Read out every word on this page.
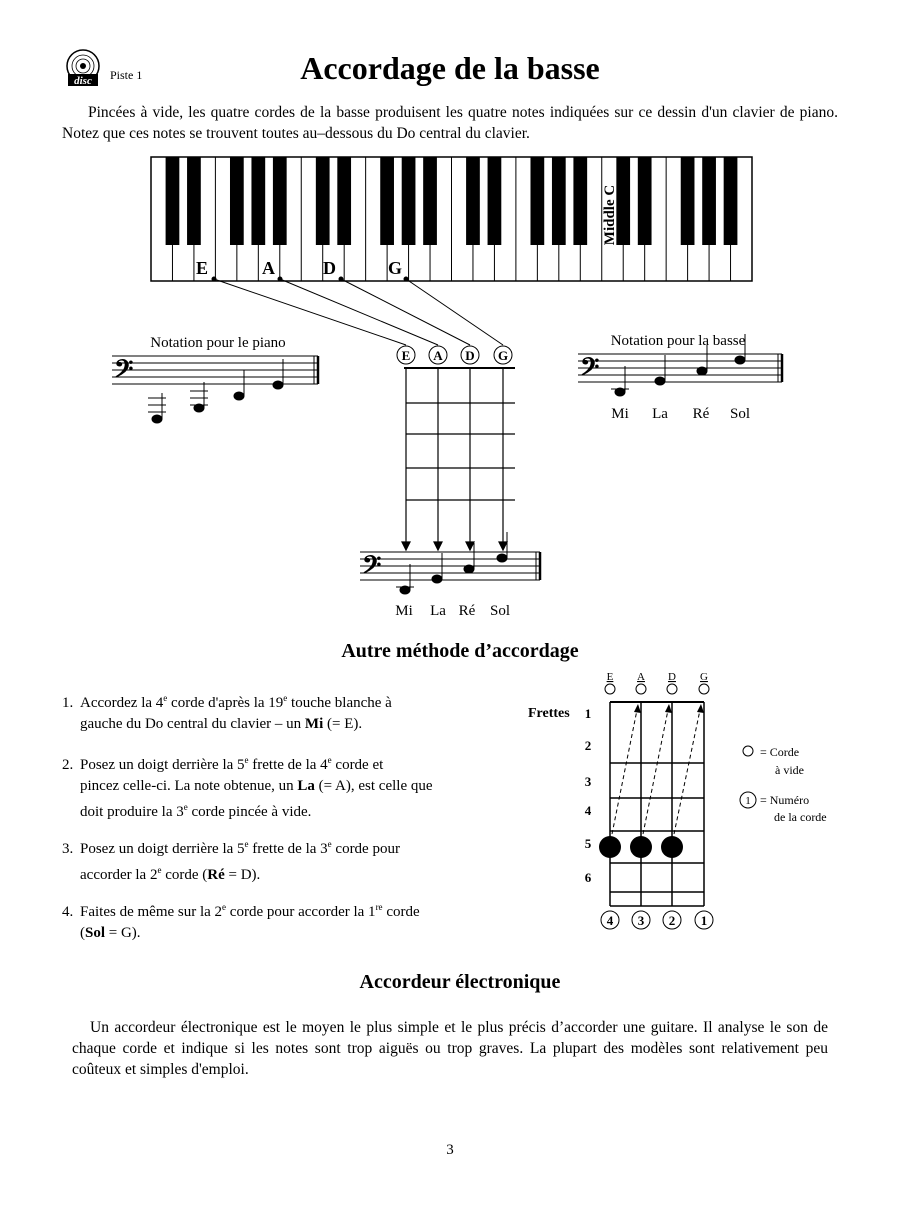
disc Piste 1	Accordage de la basse
Pincées à vide, les quatre cordes de la basse produisent les quatre notes indiquées sur ce dessin d'un clavier de piano. Notez que ces notes se trouvent toutes au–dessous du Do central du clavier.
Middle C
E	A	D	G
Notation pour le piano
𝄢
E A D G
Notation pour la basse
𝄢
Mi La Ré Sol
𝄢
Mi La Ré Sol
Autre méthode d’accordage
1. Accordez la 4e corde d'après la 19e touche blanche à
gauche du Do central du clavier – un Mi (= E).
2. Posez un doigt derrière la 5e frette de la 4e corde et
pincez celle-ci. La note obtenue, un La (= A), est celle que
doit produire la 3e corde pincée à vide.
3. Posez un doigt derrière la 5e frette de la 3e corde pour
accorder la 2e corde (Ré = D).
4. Faites de même sur la 2e corde pour accorder la 1re corde
(Sol = G).
E A D G
Frettes 1
2
3
4
5
6
4 3 2 1
= Corde
à vide
1 = Numéro
de la corde
Accordeur électronique
Un accordeur électronique est le moyen le plus simple et le plus précis d’accorder une guitare. Il analyse le son de chaque corde et indique si les notes sont trop aiguës ou trop graves. La plupart des modèles sont relativement peu coûteux et simples d'emploi.
3
